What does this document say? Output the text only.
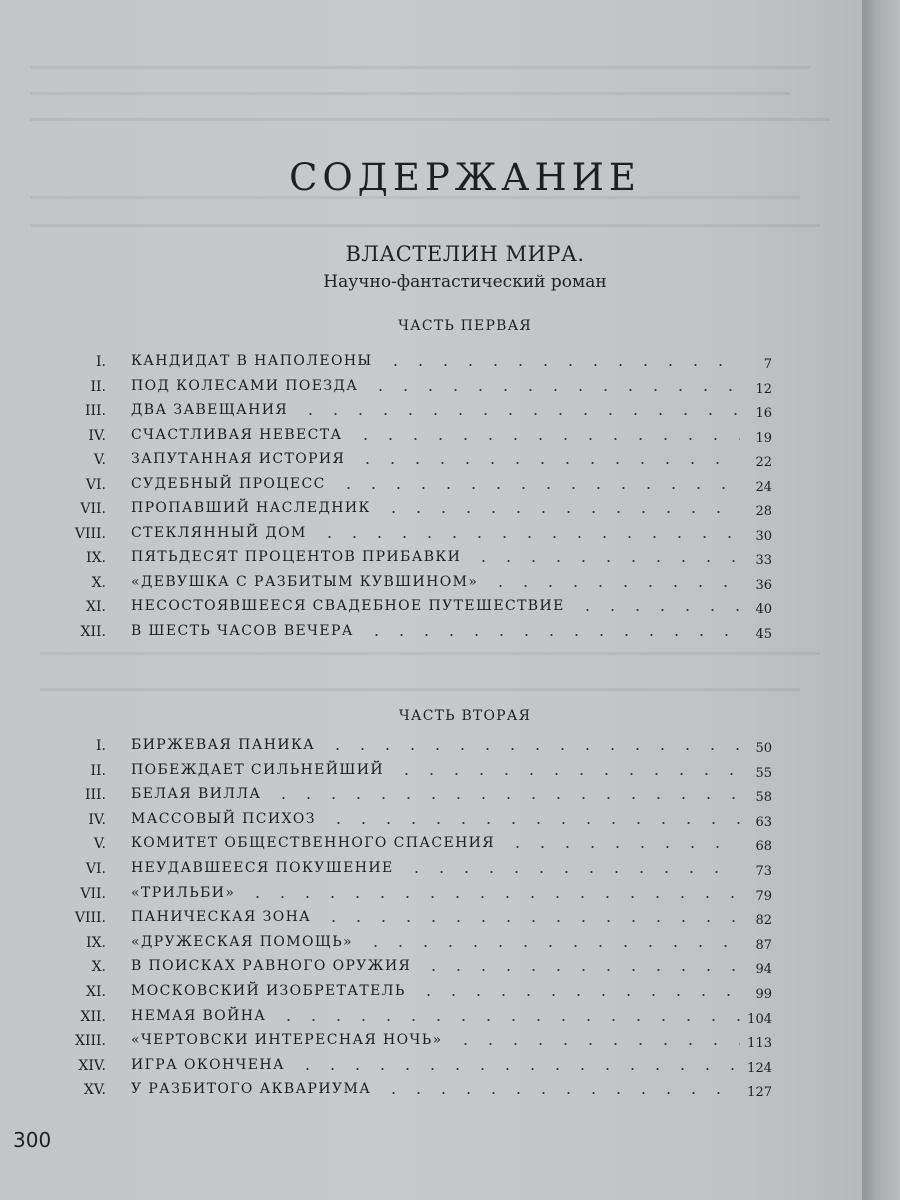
СОДЕРЖАНИЕ
ВЛАСТЕЛИН МИРА.
Научно-фантастический роман
ЧАСТЬ ПЕРВАЯ
I. КАНДИДАТ В НАПОЛЕОНЫ	7
II. ПОД КОЛЕСАМИ ПОЕЗДА	12
III. ДВА ЗАВЕЩАНИЯ	16
IV. СЧАСТЛИВАЯ НЕВЕСТА	19
V. ЗАПУТАННАЯ ИСТОРИЯ	22
VI. СУДЕБНЫЙ ПРОЦЕСС	24
VII. ПРОПАВШИЙ НАСЛЕДНИК	28
VIII. СТЕКЛЯННЫЙ ДОМ	30
IX. ПЯТЬДЕСЯТ ПРОЦЕНТОВ ПРИБАВКИ	33
X. «ДЕВУШКА С РАЗБИТЫМ КУВШИНОМ»	36
XI. НЕСОСТОЯВШЕЕСЯ СВАДЕБНОЕ ПУТЕШЕСТВИЕ	40
XII. В ШЕСТЬ ЧАСОВ ВЕЧЕРА	45
ЧАСТЬ ВТОРАЯ
I. БИРЖЕВАЯ ПАНИКА	50
II. ПОБЕЖДАЕТ СИЛЬНЕЙШИЙ	55
III. БЕЛАЯ ВИЛЛА	58
IV. МАССОВЫЙ ПСИХОЗ	63
V. КОМИТЕТ ОБЩЕСТВЕННОГО СПАСЕНИЯ	68
VI. НЕУДАВШЕЕСЯ ПОКУШЕНИЕ	73
VII. «ТРИЛЬБИ»	79
VIII. ПАНИЧЕСКАЯ ЗОНА	82
IX. «ДРУЖЕСКАЯ ПОМОЩЬ»	87
X. В ПОИСКАХ РАВНОГО ОРУЖИЯ	94
XI. МОСКОВСКИЙ ИЗОБРЕТАТЕЛЬ	99
XII. НЕМАЯ ВОЙНА	104
XIII. «ЧЕРТОВСКИ ИНТЕРЕСНАЯ НОЧЬ»	113
XIV. ИГРА ОКОНЧЕНА	124
XV. У РАЗБИТОГО АКВАРИУМА	127
300
